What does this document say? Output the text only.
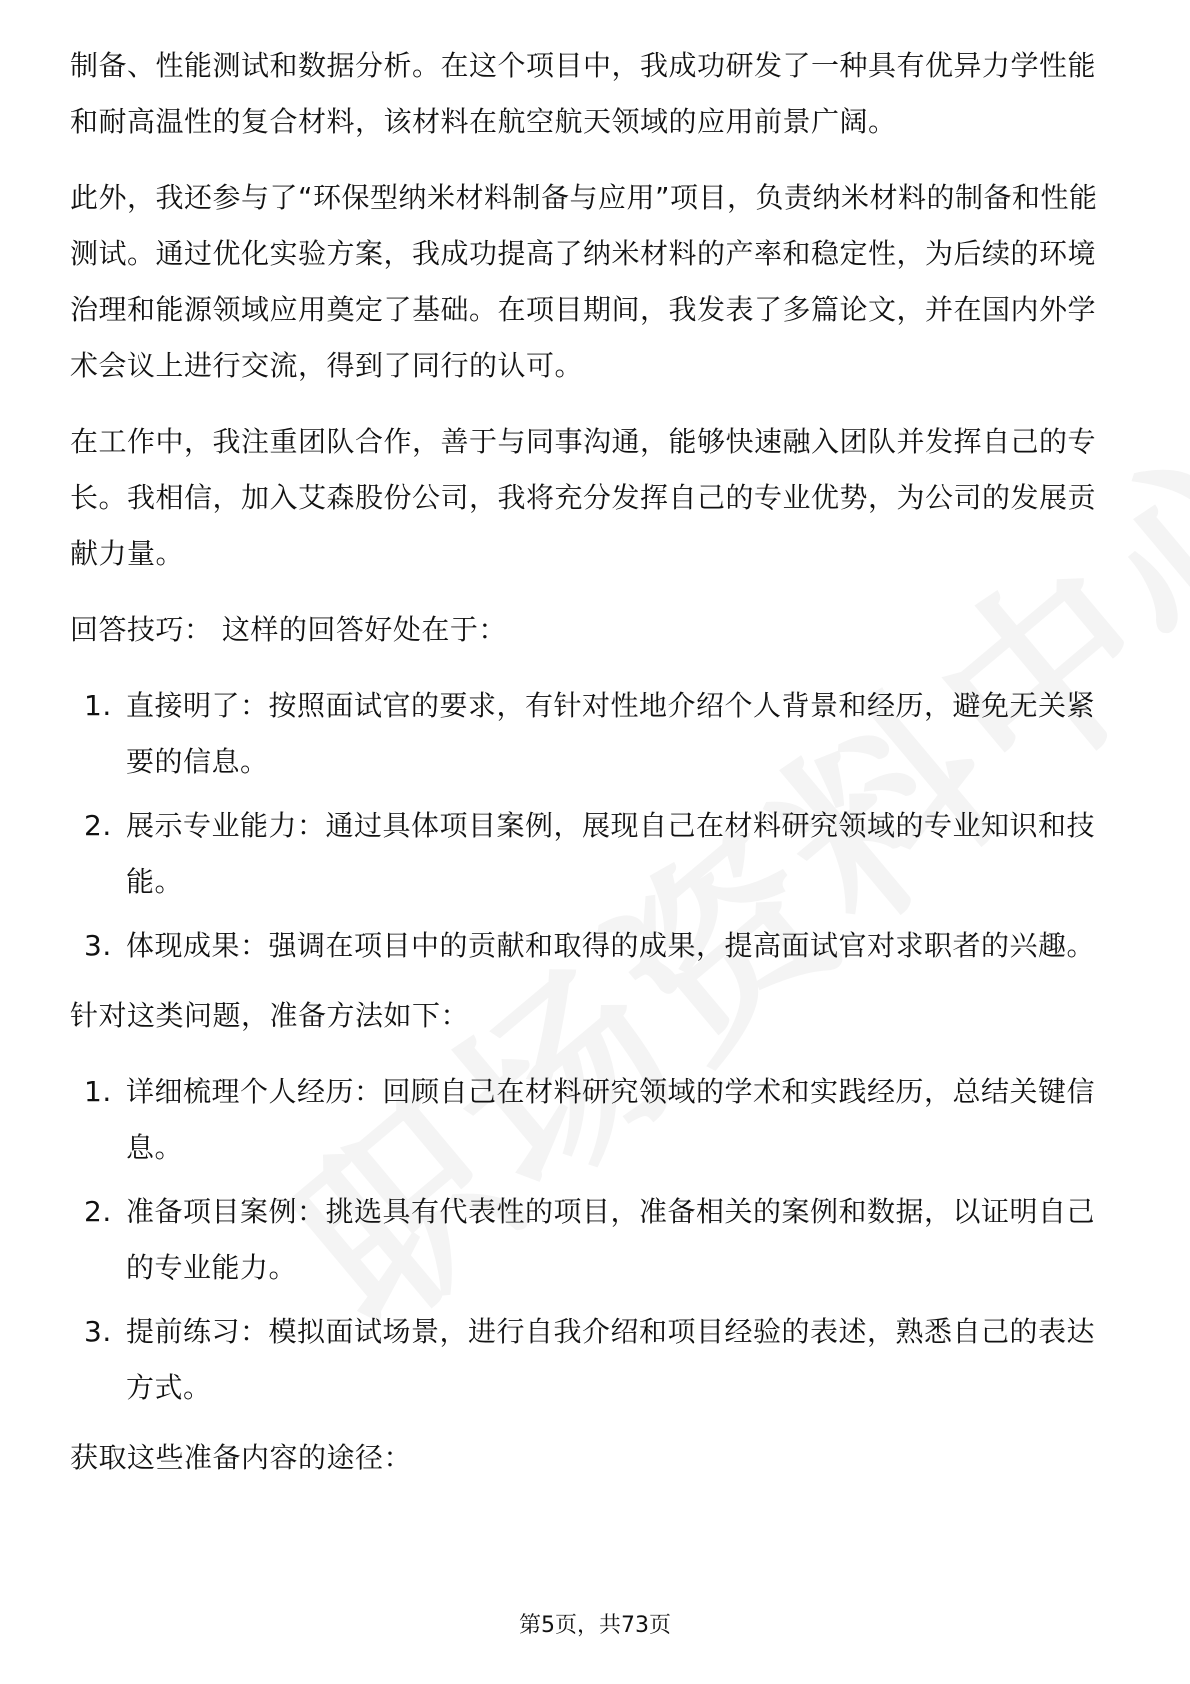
制备、性能测试和数据分析。在这个项目中，我成功研发了一种具有优异力学性能和耐高温性的复合材料，该材料在航空航天领域的应用前景广阔。

此外，我还参与了“环保型纳米材料制备与应用”项目，负责纳米材料的制备和性能测试。通过优化实验方案，我成功提高了纳米材料的产率和稳定性，为后续的环境治理和能源领域应用奠定了基础。在项目期间，我发表了多篇论文，并在国内外学术会议上进行交流，得到了同行的认可。

在工作中，我注重团队合作，善于与同事沟通，能够快速融入团队并发挥自己的专长。我相信，加入艾森股份公司，我将充分发挥自己的专业优势，为公司的发展贡献力量。

回答技巧： 这样的回答好处在于：

1. 直接明了：按照面试官的要求，有针对性地介绍个人背景和经历，避免无关紧要的信息。
2. 展示专业能力：通过具体项目案例，展现自己在材料研究领域的专业知识和技能。
3. 体现成果：强调在项目中的贡献和取得的成果，提高面试官对求职者的兴趣。

针对这类问题，准备方法如下：

1. 详细梳理个人经历：回顾自己在材料研究领域的学术和实践经历，总结关键信息。
2. 准备项目案例：挑选具有代表性的项目，准备相关的案例和数据，以证明自己的专业能力。
3. 提前练习：模拟面试场景，进行自我介绍和项目经验的表述，熟悉自己的表达方式。

获取这些准备内容的途径：

第5页，共73页
